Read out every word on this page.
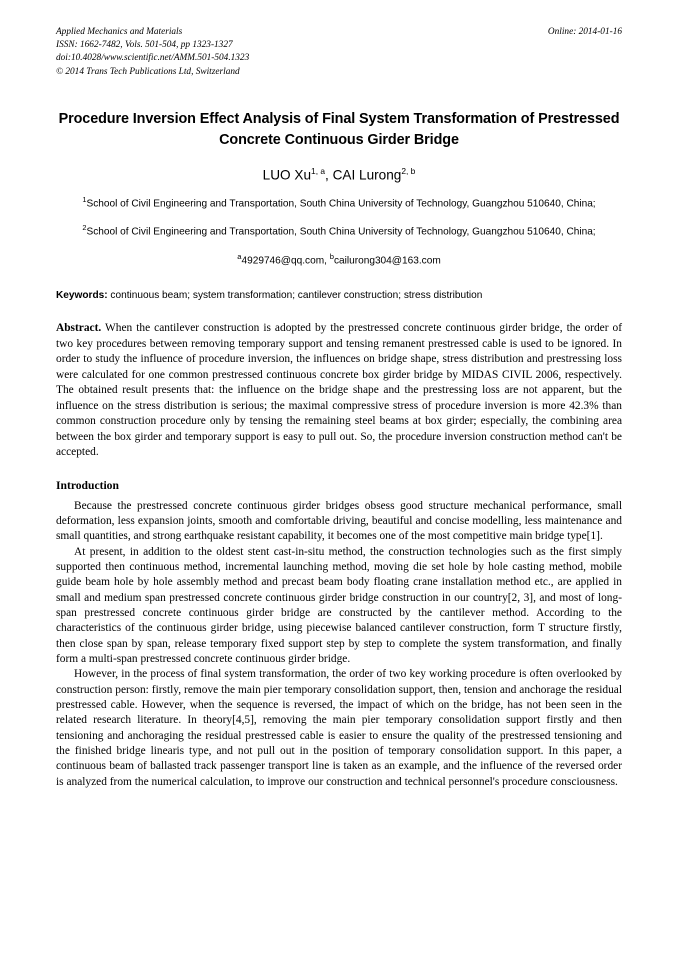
Applied Mechanics and Materials
ISSN: 1662-7482, Vols. 501-504, pp 1323-1327
doi:10.4028/www.scientific.net/AMM.501-504.1323
© 2014 Trans Tech Publications Ltd, Switzerland
Online: 2014-01-16
Procedure Inversion Effect Analysis of Final System Transformation of Prestressed Concrete Continuous Girder Bridge
LUO Xu$^{1, a}$, CAI Lurong$^{2, b}$
$^1$School of Civil Engineering and Transportation, South China University of Technology, Guangzhou 510640, China;
$^2$School of Civil Engineering and Transportation, South China University of Technology, Guangzhou 510640, China;
$^a$4929746@qq.com, $^b$cailurong304@163.com
Keywords: continuous beam; system transformation; cantilever construction; stress distribution
Abstract. When the cantilever construction is adopted by the prestressed concrete continuous girder bridge, the order of two key procedures between removing temporary support and tensing remanent prestressed cable is used to be ignored. In order to study the influence of procedure inversion, the influences on bridge shape, stress distribution and prestressing loss were calculated for one common prestressed continuous concrete box girder bridge by MIDAS CIVIL 2006, respectively. The obtained result presents that: the influence on the bridge shape and the prestressing loss are not apparent, but the influence on the stress distribution is serious; the maximal compressive stress of procedure inversion is more 42.3% than common construction procedure only by tensing the remaining steel beams at box girder; especially, the combining area between the box girder and temporary support is easy to pull out. So, the procedure inversion construction method can't be accepted.
Introduction

Because the prestressed concrete continuous girder bridges obsess good structure mechanical performance, small deformation, less expansion joints, smooth and comfortable driving, beautiful and concise modelling, less maintenance and small quantities, and strong earthquake resistant capability, it becomes one of the most competitive main bridge type[1].

At present, in addition to the oldest stent cast-in-situ method, the construction technologies such as the first simply supported then continuous method, incremental launching method, moving die set hole by hole casting method, mobile guide beam hole by hole assembly method and precast beam body floating crane installation method etc., are applied in small and medium span prestressed concrete continuous girder bridge construction in our country[2, 3], and most of long-span prestressed concrete continuous girder bridge are constructed by the cantilever method. According to the characteristics of the continuous girder bridge, using piecewise balanced cantilever construction, form T structure firstly, then close span by span, release temporary fixed support step by step to complete the system transformation, and finally form a multi-span prestressed concrete continuous girder bridge.

However, in the process of final system transformation, the order of two key working procedure is often overlooked by construction person: firstly, remove the main pier temporary consolidation support, then, tension and anchorage the residual prestressed cable. However, when the sequence is reversed, the impact of which on the bridge, has not been seen in the related research literature. In theory[4,5], removing the main pier temporary consolidation support firstly and then tensioning and anchoraging the residual prestressed cable is easier to ensure the quality of the prestressed tensioning and the finished bridge linearis type, and not pull out in the position of temporary consolidation support. In this paper, a continuous beam of ballasted track passenger transport line is taken as an example, and the influence of the reversed order is analyzed from the numerical calculation, to improve our construction and technical personnel's procedure consciousness.
